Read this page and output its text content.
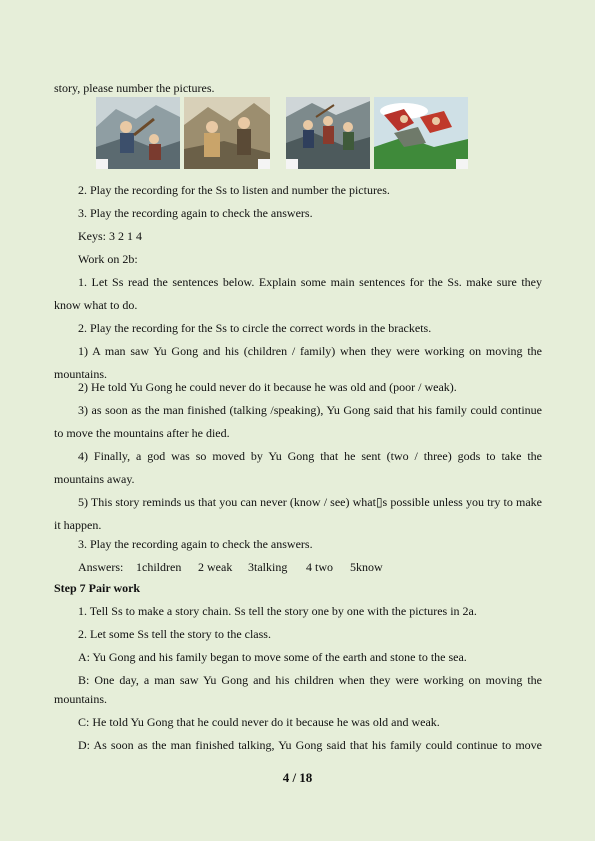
story, please number the pictures.
2. Play the recording for the Ss to listen and number the pictures.
3. Play the recording again to check the answers.
Keys: 3 2 1 4
Work on 2b:
1. Let Ss read the sentences below. Explain some main sentences for the Ss. make sure they
know what to do.
2. Play the recording for the Ss to circle the correct words in the brackets.
1) A man saw Yu Gong and his (children / family) when they were working on moving the
mountains.
2) He told Yu Gong he could never do it because he was old and (poor / weak).
3) as soon as the man finished (talking /speaking), Yu Gong said that his family could continue
to move the mountains after he died.
4) Finally, a god was so moved by Yu Gong that he sent (two / three) gods to take the
mountains away.
5) This story reminds us that you can never (know / see) what▯s possible unless you try to make
it happen.
3. Play the recording again to check the answers.
Answers: 1children 2 weak 3talking 4 two 5know
Step 7 Pair work
1. Tell Ss to make a story chain. Ss tell the story one by one with the pictures in 2a.
2. Let some Ss tell the story to the class.
A: Yu Gong and his family began to move some of the earth and stone to the sea.
B: One day, a man saw Yu Gong and his children when they were working on moving the
mountains.
C: He told Yu Gong that he could never do it because he was old and weak.
D: As soon as the man finished talking, Yu Gong said that his family could continue to move
4 / 18
